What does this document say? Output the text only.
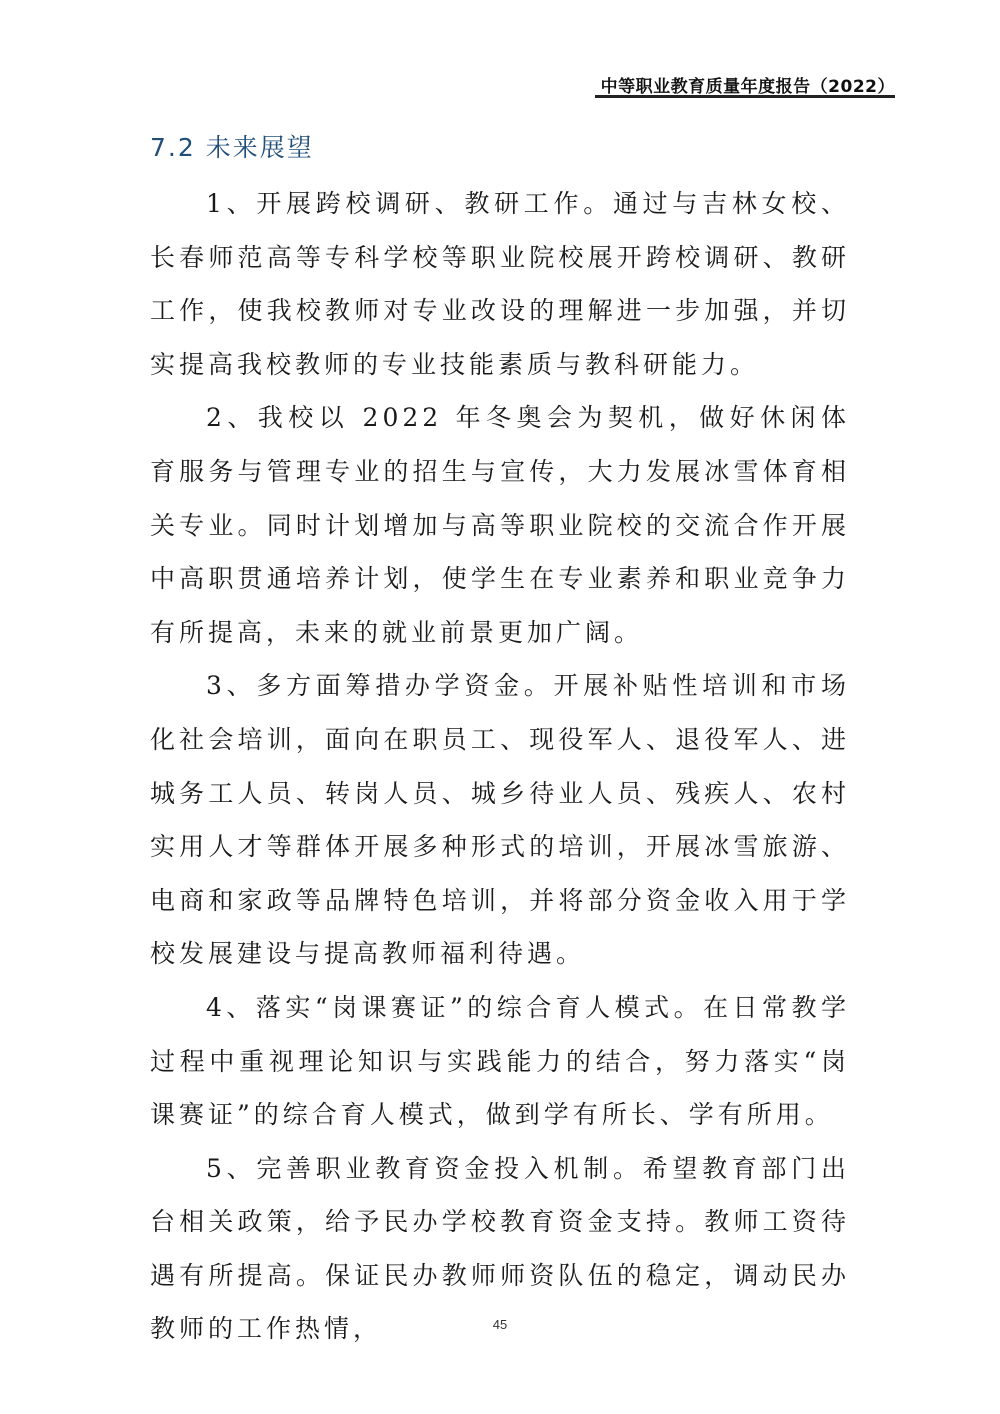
中等职业教育质量年度报告（2022）
7.2 未来展望

1、开展跨校调研、教研工作。通过与吉林女校、长春师范高等专科学校等职业院校展开跨校调研、教研工作，使我校教师对专业改设的理解进一步加强，并切实提高我校教师的专业技能素质与教科研能力。

2、我校以 2022 年冬奥会为契机，做好休闲体育服务与管理专业的招生与宣传，大力发展冰雪体育相关专业。同时计划增加与高等职业院校的交流合作开展中高职贯通培养计划，使学生在专业素养和职业竞争力有所提高，未来的就业前景更加广阔。

3、多方面筹措办学资金。开展补贴性培训和市场化社会培训，面向在职员工、现役军人、退役军人、进城务工人员、转岗人员、城乡待业人员、残疾人、农村实用人才等群体开展多种形式的培训，开展冰雪旅游、电商和家政等品牌特色培训，并将部分资金收入用于学校发展建设与提高教师福利待遇。

4、落实“岗课赛证”的综合育人模式。在日常教学过程中重视理论知识与实践能力的结合，努力落实“岗课赛证”的综合育人模式，做到学有所长、学有所用。

5、完善职业教育资金投入机制。希望教育部门出台相关政策，给予民办学校教育资金支持。教师工资待遇有所提高。保证民办教师师资队伍的稳定，调动民办教师的工作热情，	45
